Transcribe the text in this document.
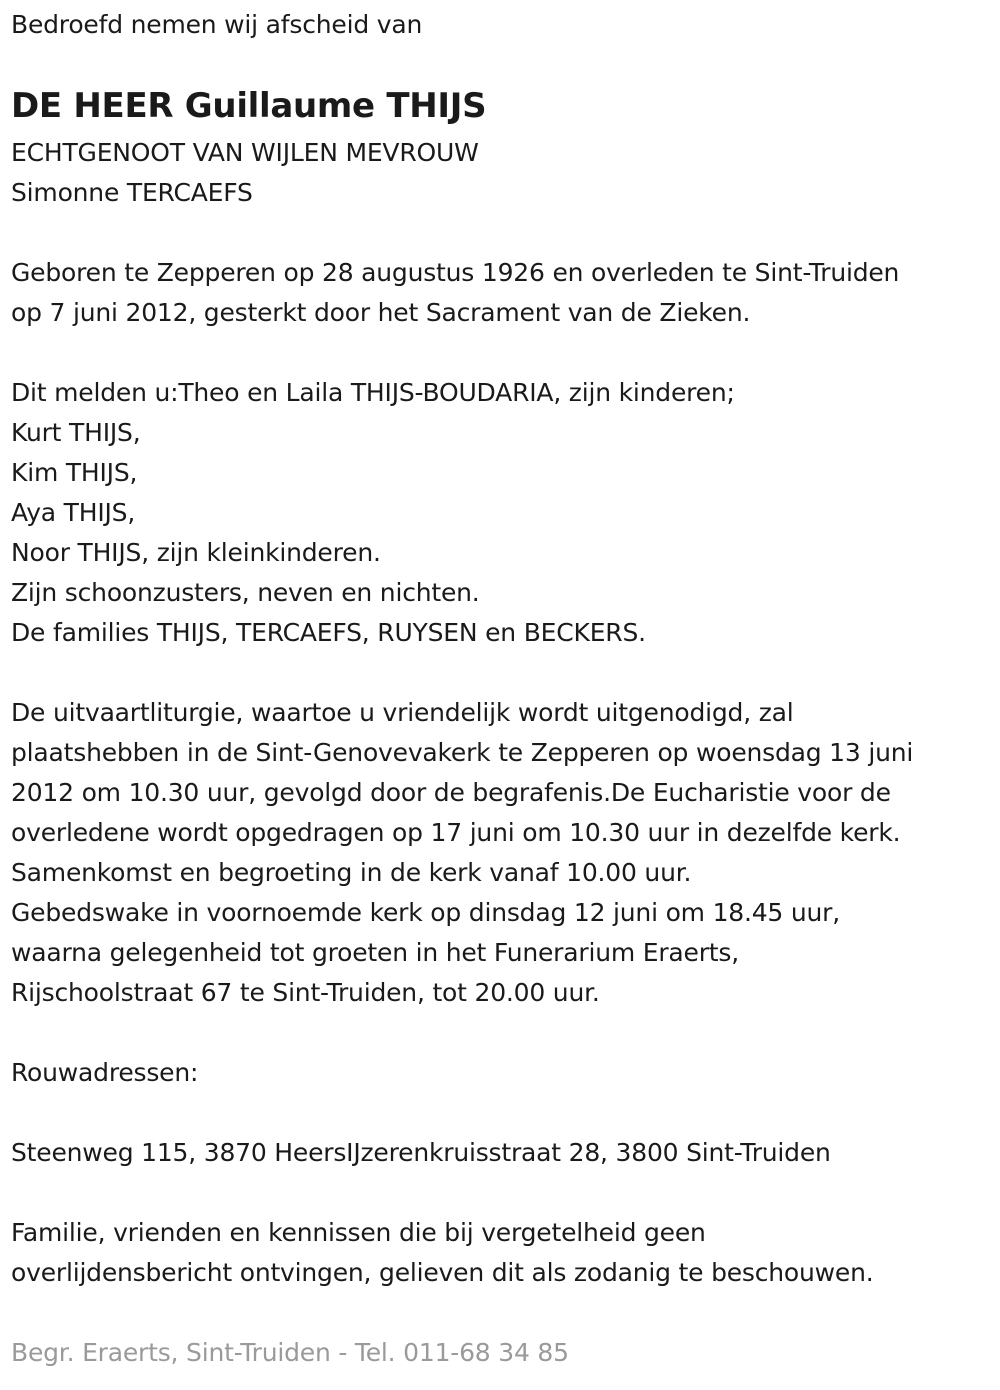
Bedroefd nemen wij afscheid van
DE HEER Guillaume THIJS
ECHTGENOOT VAN WIJLEN MEVROUW
Simonne TERCAEFS
Geboren te Zepperen op 28 augustus 1926 en overleden te Sint-Truiden
op 7 juni 2012, gesterkt door het Sacrament van de Zieken.
Dit melden u:Theo en Laila THIJS-BOUDARIA, zijn kinderen;
Kurt THIJS,
Kim THIJS,
Aya THIJS,
Noor THIJS, zijn kleinkinderen.
Zijn schoonzusters, neven en nichten.
De families THIJS, TERCAEFS, RUYSEN en BECKERS.
De uitvaartliturgie, waartoe u vriendelijk wordt uitgenodigd, zal
plaatshebben in de Sint-Genovevakerk te Zepperen op woensdag 13 juni
2012 om 10.30 uur, gevolgd door de begrafenis.De Eucharistie voor de
overledene wordt opgedragen op 17 juni om 10.30 uur in dezelfde kerk.
Samenkomst en begroeting in de kerk vanaf 10.00 uur.
Gebedswake in voornoemde kerk op dinsdag 12 juni om 18.45 uur,
waarna gelegenheid tot groeten in het Funerarium Eraerts,
Rijschoolstraat 67 te Sint-Truiden, tot 20.00 uur.
Rouwadressen:
Steenweg 115, 3870 HeersIJzerenkruisstraat 28, 3800 Sint-Truiden
Familie, vrienden en kennissen die bij vergetelheid geen
overlijdensbericht ontvingen, gelieven dit als zodanig te beschouwen.
Begr. Eraerts, Sint-Truiden - Tel. 011-68 34 85
